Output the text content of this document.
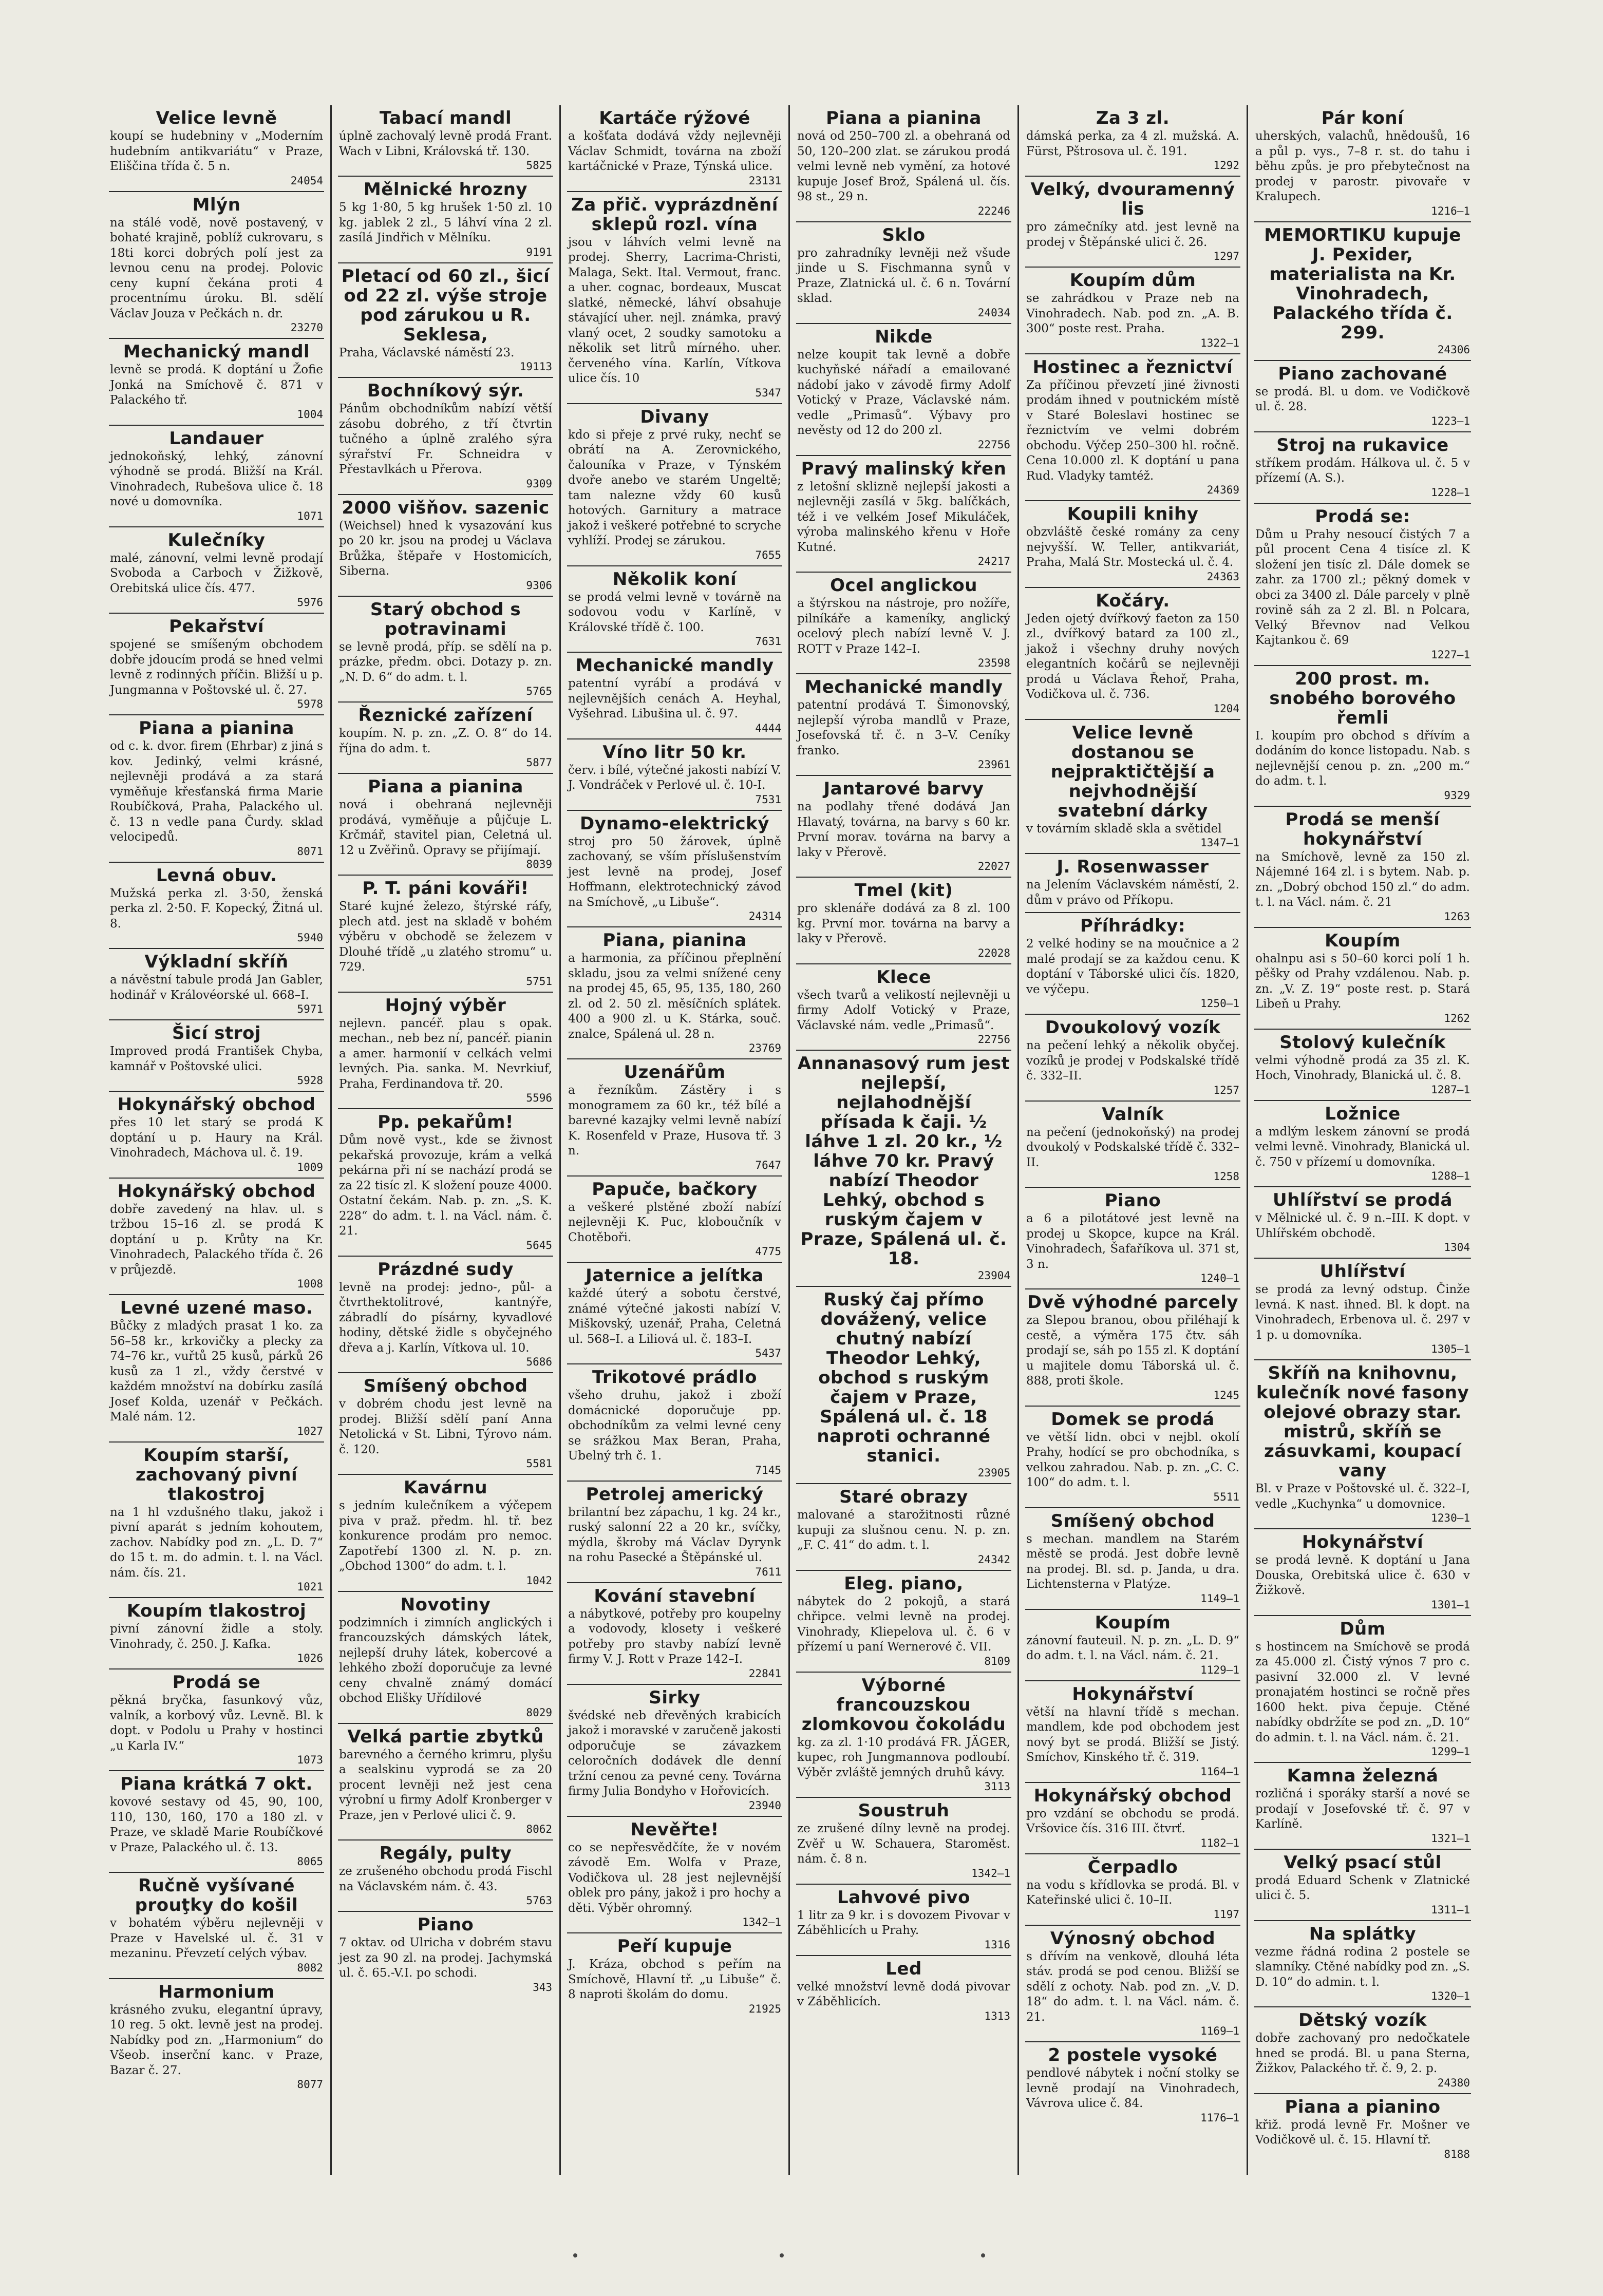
Velice levně

koupí se hudebniny v „Moderním hudebním antikvariátu“ v Praze, Eliščina třída č. 5 n.

24054

Mlýn

na stálé vodě, nově postavený, v bohaté krajině, poblíž cukrovaru, s 18ti korci dobrých polí jest za levnou cenu na prodej. Polovic ceny kupní čekána proti 4 procentnímu úroku. Bl. sdělí Václav Jouza v Pečkách n. dr.

23270

Mechanický mandl

levně se prodá. K doptání u Žofie Jonká na Smíchově č. 871 v Palackého tř.

1004

Landauer

jednokoňský, lehký, zánovní výhodně se prodá. Bližší na Král. Vinohradech, Rubešova ulice č. 18 nové u domovníka.

1071

Kulečníky

malé, zánovní, velmi levně prodají Svoboda a Carboch v Žižkově, Orebitská ulice čís. 477.

5976

Pekařství

spojené se smíšeným obchodem dobře jdoucím prodá se hned velmi levně z rodinných příčin. Bližší u p. Jungmanna v Poštovské ul. č. 27.

5978

Piana a pianina

od c. k. dvor. firem (Ehrbar) z jiná s kov. Jedinký, velmi krásné, nejlevněji prodává a za stará vyměňuje křesťanská firma Marie Roubíčková, Praha, Palackého ul. č. 13 n vedle pana Čurdy. sklad velocipedů.

8071

Levná obuv.

Mužská perka zl. 3·50, ženská perka zl. 2·50. F. Kopecký, Žitná ul. 8.

5940

Výkladní skříň

a návěstní tabule prodá Jan Gabler, hodinář v Královéorské ul. 668–I.

5971

Šicí stroj

Improved prodá František Chyba, kamnář v Poštovské ulici.

5928

Hokynářský obchod

přes 10 let starý se prodá K doptání u p. Haury na Král. Vinohradech, Máchova ul. č. 19.

1009

Hokynářský obchod

dobře zavedený na hlav. ul. s tržbou 15–16 zl. se prodá K doptání u p. Krůty na Kr. Vinohradech, Palackého třída č. 26 v průjezdě.

1008

Levné uzené maso.

Bůčky z mladých prasat 1 ko. za 56–58 kr., krkovičky a plecky za 74–76 kr., vuřtů 25 kusů, párků 26 kusů za 1 zl., vždy čerstvé v každém množství na dobírku zasílá Josef Kolda, uzenář v Pečkách. Malé nám. 12.

1027

Koupím starší, zachovaný pivní tlakostroj

na 1 hl vzdušného tlaku, jakož i pivní aparát s jedním kohoutem, zachov. Nabídky pod zn. „L. D. 7“ do 15 t. m. do admin. t. l. na Václ. nám. čís. 21.

1021

Koupím tlakostroj

pivní zánovní židle a stoly. Vinohrady, č. 250. J. Kafka.

1026

Prodá se

pěkná bryčka, fasunkový vůz, valník, a korbový vůz. Levně. Bl. k dopt. v Podolu u Prahy v hostinci „u Karla IV.“

1073

Piana krátká 7 okt.

kovové sestavy od 45, 90, 100, 110, 130, 160, 170 a 180 zl. v Praze, ve skladě Marie Roubíčkové v Praze, Palackého ul. č. 13.

8065

Ručně vyšívané prouţky do košil

v bohatém výběru nejlevněji v Praze v Havelské ul. č. 31 v mezaninu. Převzetí celých výbav.

8082

Harmonium

krásného zvuku, elegantní úpravy, 10 reg. 5 okt. levně jest na prodej. Nabídky pod zn. „Harmonium“ do Všeob. inserční kanc. v Praze, Bazar č. 27.

8077

Tabací mandl

úplně zachovalý levně prodá Frant. Wach v Libni, Královská tř. 130.

5825

Mělnické hrozny

5 kg 1·80, 5 kg hrušek 1·50 zl. 10 kg. jablek 2 zl., 5 láhví vína 2 zl. zasílá Jindřich v Mělníku.

9191

Pletací od 60 zl., šicí od 22 zl. výše stroje pod zárukou u R. Seklesa,

Praha, Václavské náměstí 23.

19113

Bochníkový sýr.

Pánům obchodníkům nabízí větší zásobu dobrého, z tří čtvrtin tučného a úplně zralého sýra sýrařství Fr. Schneidra v Přestavlkách u Přerova.

9309

2000 višňov. sazenic

(Weichsel) hned k vysazování kus po 20 kr. jsou na prodej u Václava Brůžka, štěpaře v Hostomicích, Siberna.

9306

Starý obchod s potravinami

se levně prodá, příp. se sdělí na p. prázke, předm. obci. Dotazy p. zn. „N. D. 6“ do adm. t. l.

5765

Řeznické zařízení

koupím. N. p. zn. „Z. O. 8“ do 14. října do adm. t.

5877

Piana a pianina

nová i obehraná nejlevněji prodává, vyměňuje a půjčuje L. Krčmář, stavitel pian, Celetná ul. 12 u Zvěřinů. Opravy se přijímají.

8039

P. T. páni kováři!

Staré kujné železo, štýrské ráfy, plech atd. jest na skladě v bohém výběru v obchodě se železem v Dlouhé třídě „u zlatého stromu“ u. 729.

5751

Hojný výběr

nejlevn. pancéř. plau s opak. mechan., neb bez ní, pancéř. pianin a amer. harmonií v celkách velmi levných. Pia. sanka. M. Nevrkiuf, Praha, Ferdinandova tř. 20.

5596

Pp. pekařům!

Dům nově vyst., kde se živnost pekařská provozuje, krám a velká pekárna při ní se nachází prodá se za 22 tisíc zl. K složení pouze 4000. Ostatní čekám. Nab. p. zn. „S. K. 228“ do adm. t. l. na Václ. nám. č. 21.

5645

Prázdné sudy

levně na prodej: jedno-, půl- a čtvrthektolitrové, kantnýře, zábradlí do písárny, kyvadlové hodiny, dětské židle s obyčejného dřeva a j. Karlín, Vítkova ul. 10.

5686

Smíšený obchod

v dobrém chodu jest levně na prodej. Bližší sdělí paní Anna Netolická v St. Libni, Týrovo nám. č. 120.

5581

Kavárnu

s jedním kulečníkem a výčepem piva v praž. předm. hl. tř. bez konkurence prodám pro nemoc. Zapotřebí 1300 zl. N. p. zn. „Obchod 1300“ do adm. t. l.

1042

Novotiny

podzimních i zimních anglických i francouzských dámských látek, nejlepší druhy látek, kobercové a lehkého zboží doporučuje za levné ceny chvalně známý domácí obchod Elišky Uřídilové

8029

Velká partie zbytků

barevného a černého krimru, plyšu a sealskinu vyprodá se za 20 procent levněji než jest cena výrobní u firmy Adolf Kronberger v Praze, jen v Perlové ulici č. 9.

8062

Regály, pulty

ze zrušeného obchodu prodá Fischl na Václavském nám. č. 43.

5763

Piano

7 oktav. od Ulricha v dobrém stavu jest za 90 zl. na prodej. Jachymská ul. č. 65.-V.I. po schodi.

343

Kartáče rýžové

a košťata dodává vždy nejlevněji Václav Schmidt, továrna na zboží kartáčnické v Praze, Týnská ulice.

23131

Za přič. vyprázdnění sklepů rozl. vína

jsou v láhvích velmi levně na prodej. Sherry, Lacrima-Christi, Malaga, Sekt. Ital. Vermout, franc. a uher. cognac, bordeaux, Muscat slatké, německé, láhví obsahuje stávající uher. nejl. známka, pravý vlaný ocet, 2 soudky samotoku a několik set litrů mírného. uher. červeného vína. Karlín, Vítkova ulice čís. 10

5347

Divany

kdo si přeje z prvé ruky, nechť se obrátí na A. Zerovnického, čalouníka v Praze, v Týnském dvoře anebo ve starém Ungeltě; tam nalezne vždy 60 kusů hotových. Garnitury a matrace jakož i veškeré potřebné to scryche vyhlíží. Prodej se zárukou.

7655

Několik koní

se prodá velmi levně v továrně na sodovou vodu v Karlíně, v Královské třídě č. 100.

7631

Mechanické mandly

patentní vyrábí a prodává v nejlevnějších cenách A. Heyhal, Vyšehrad. Libušina ul. č. 97.

4444

Víno litr 50 kr.

červ. i bílé, výtečné jakosti nabízí V. J. Vondráček v Perlové ul. č. 10-I.

7531

Dynamo-elektrický

stroj pro 50 žárovek, úplně zachovaný, se vším příslušenstvím jest levně na prodej, Josef Hoffmann, elektrotechnický závod na Smíchově, „u Libuše“.

24314

Piana, pianina

a harmonia, za příčinou přeplnění skladu, jsou za velmi snížené ceny na prodej 45, 65, 95, 135, 180, 260 zl. od 2. 50 zl. měsíčních splátek. 400 a 900 zl. u K. Stárka, souč. znalce, Spálená ul. 28 n.

23769

Uzenářům

a řezníkům. Zástěry i s monogramem za 60 kr., též bílé a barevné kazajky velmi levně nabízí K. Rosenfeld v Praze, Husova tř. 3 n.

7647

Papuče, bačkory

a veškeré plstěné zboží nabízí nejlevněji K. Puc, kloboučník v Chotěboři.

4775

Jaternice a jelítka

každé úterý a sobotu čerstvé, známé výtečné jakosti nabízí V. Miškovský, uzenář, Praha, Celetná ul. 568–I. a Liliová ul. č. 183–I.

5437

Trikotové prádlo

všeho druhu, jakož i zboží domácnické doporučuje pp. obchodníkům za velmi levné ceny se srážkou Max Beran, Praha, Ubelný trh č. 1.

7145

Petrolej americký

brilantní bez zápachu, 1 kg. 24 kr., ruský salonní 22 a 20 kr., svíčky, mýdla, škroby má Václav Dyrynk na rohu Pasecké a Štěpánské ul.

7611

Kování stavební

a nábytkové, potřeby pro koupelny a vodovody, klosety i veškeré potřeby pro stavby nabízí levně firmy V. J. Rott v Praze 142–I.

22841

Sirky

švédské neb dřevěných krabicích jakož i moravské v zaručeně jakosti odporučuje se závazkem celoročních dodávek dle denní tržní cenou za pevné ceny. Továrna firmy Julia Bondyho v Hořovicích.

23940

Nevěřte!

co se nepřesvědčíte, že v novém závodě Em. Wolfa v Praze, Vodičkova ul. 28 jest nejlevnější oblek pro pány, jakož i pro hochy a děti. Výběr ohromný.

1342–1

Peří kupuje

J. Kráza, obchod s peřím na Smíchově, Hlavní tř. „u Libuše“ č. 8 naproti školám do domu.

21925

Piana a pianina

nová od 250–700 zl. a obehraná od 50, 120–200 zlat. se zárukou prodá velmi levně neb vymění, za hotové kupuje Josef Brož, Spálená ul. čís. 98 st., 29 n.

22246

Sklo

pro zahradníky levněji než všude jinde u S. Fischmanna synů v Praze, Zlatnická ul. č. 6 n. Tovární sklad.

24034

Nikde

nelze koupit tak levně a dobře kuchyňské nářadí a emailované nádobí jako v závodě firmy Adolf Votický v Praze, Václavské nám. vedle „Primasů“. Výbavy pro nevěsty od 12 do 200 zl.

22756

Pravý malinský křen

z letošní sklizně nejlepší jakosti a nejlevněji zasílá v 5kg. balíčkách, též i ve velkém Josef Mikuláček, výroba malinského křenu v Hoře Kutné.

24217

Ocel anglickou

a štýrskou na nástroje, pro nožíře, pilníkáře a kameníky, anglický ocelový plech nabízí levně V. J. ROTT v Praze 142–I.

23598

Mechanické mandly

patentní prodává T. Šimonovský, nejlepší výroba mandlů v Praze, Josefovská tř. č. n 3–V. Ceníky franko.

23961

Jantarové barvy

na podlahy třené dodává Jan Hlavatý, továrna, na barvy s 60 kr. První morav. továrna na barvy a laky v Přerově.

22027

Tmel (kit)

pro sklenáře dodává za 8 zl. 100 kg. První mor. továrna na barvy a laky v Přerově.

22028

Klece

všech tvarů a velikostí nejlevněji u firmy Adolf Votický v Praze, Václavské nám. vedle „Primasů“.

22756

Annanasový rum jest nejlepší, nejlahodnější přísada k čaji. ½ láhve 1 zl. 20 kr., ½ láhve 70 kr. Pravý nabízí Theodor Lehký, obchod s ruským čajem v Praze, Spálená ul. č. 18.

23904

Ruský čaj přímo dovážený, velice chutný nabízí Theodor Lehký, obchod s ruským čajem v Praze, Spálená ul. č. 18 naproti ochranné stanici.

23905

Staré obrazy

malované a starožitnosti různé kupuji za slušnou cenu. N. p. zn. „F. C. 41“ do adm. t. l.

24342

Eleg. piano,

nábytek do 2 pokojů, a stará chřipce. velmi levně na prodej. Vinohrady, Kliepelova ul. č. 6 v přízemí u paní Wernerové č. VII.

8109

Výborné francouzskou zlomkovou čokoládu

kg. za zl. 1·10 prodává FR. JÄGER, kupec, roh Jungmannova podloubí. Výběr zvláště jemných druhů kávy.

3113

Soustruh

ze zrušené dílny levně na prodej. Zvěř u W. Schauera, Staroměst. nám. č. 8 n.

1342–1

Lahvové pivo

1 litr za 9 kr. i s dovozem Pivovar v Záběhlicích u Prahy.

1316

Led

velké množství levně dodá pivovar v Záběhlicích.

1313

Za 3 zl.

dámská perka, za 4 zl. mužská. A. Fürst, Pštrosova ul. č. 191.

1292

Velký, dvouramenný lis

pro zámečníky atd. jest levně na prodej v Štěpánské ulici č. 26.

1297

Koupím dům

se zahrádkou v Praze neb na Vinohradech. Nab. pod zn. „A. B. 300“ poste rest. Praha.

1322–1

Hostinec a řeznictví

Za příčinou převzetí jiné živnosti prodám ihned v poutnickém místě v Staré Boleslavi hostinec se řeznictvím ve velmi dobrém obchodu. Výčep 250–300 hl. ročně. Cena 10.000 zl. K doptání u pana Rud. Vladyky tamtéž.

24369

Koupili knihy

obzvláště české romány za ceny nejvyšší. W. Teller, antikvariát, Praha, Malá Str. Mostecká ul. č. 4.

24363

Kočáry.

Jeden ojetý dvířkový faeton za 150 zl., dvířkový batard za 100 zl., jakož i všechny druhy nových elegantních kočárů se nejlevněji prodá u Václava Řehoř, Praha, Vodičkova ul. č. 736.

1204

Velice levně dostanou se nejpraktičtější a nejvhodnější svatební dárky

v továrním skladě skla a světidel

1347–1

J. Rosenwasser

na Jelením Václavském náměstí, 2. dům v právo od Příkopu.

Příhrádky:

2 velké hodiny se na moučnice a 2 malé prodají se za každou cenu. K doptání v Táborské ulici čís. 1820, ve výčepu.

1250–1

Dvoukolový vozík

na pečení lehký a několik obyčej. vozíků je prodej v Podskalské třídě č. 332–II.

1257

Valník

na pečení (jednokoňský) na prodej dvoukolý v Podskalské třídě č. 332–II.

1258

Piano

a 6 a pilotátové jest levně na prodej u Skopce, kupce na Král. Vinohradech, Šafaříkova ul. 371 st, 3 n.

1240–1

Dvě výhodné parcely

za Slepou branou, obou přiléhají k cestě, a výměra 175 čtv. sáh prodají se, sáh po 155 zl. K doptání u majitele domu Táborská ul. č. 888, proti škole.

1245

Domek se prodá

ve větší lidn. obci v nejbl. okolí Prahy, hodící se pro obchodníka, s velkou zahradou. Nab. p. zn. „C. C. 100“ do adm. t. l.

5511

Smíšený obchod

s mechan. mandlem na Starém městě se prodá. Jest dobře levně na prodej. Bl. sd. p. Janda, u dra. Lichtensterna v Platýze.

1149–1

Koupím

zánovní fauteuil. N. p. zn. „L. D. 9“ do adm. t. l. na Václ. nám. č. 21.

1129–1

Hokynářství

větší na hlavní třídě s mechan. mandlem, kde pod obchodem jest nový byt se prodá. Bližší se Jistý. Smíchov, Kinského tř. č. 319.

1164–1

Hokynářský obchod

pro vzdání se obchodu se prodá. Vršovice čís. 316 III. čtvrť.

1182–1

Čerpadlo

na vodu s křídlovka se prodá. Bl. v Kateřinské ulici č. 10–II.

1197

Výnosný obchod

s dřívím na venkově, dlouhá léta stáv. prodá se pod cenou. Bližší se sdělí z ochoty. Nab. pod zn. „V. D. 18“ do adm. t. l. na Václ. nám. č. 21.

1169–1

2 postele vysoké

pendlové nábytek i noční stolky se levně prodají na Vinohradech, Vávrova ulice č. 84.

1176–1

Pár koní

uherských, valachů, hnědoušů, 16 a půl p. vys., 7–8 r. st. do tahu i běhu způs. je pro přebytečnost na prodej v parostr. pivovaře v Kralupech.

1216–1

MEMORTIKU kupuje J. Pexider, materialista na Kr. Vinohradech, Palackého třída č. 299.

24306

Piano zachované

se prodá. Bl. u dom. ve Vodičkově ul. č. 28.

1223–1

Stroj na rukavice

stříkem prodám. Hálkova ul. č. 5 v přízemí (A. S.).

1228–1

Prodá se:

Dům u Prahy nesoucí čistých 7 a půl procent Cena 4 tisíce zl. K složení jen tisíc zl. Dále domek se zahr. za 1700 zl.; pěkný domek v obci za 3400 zl. Dále parcely v plně rovině sáh za 2 zl. Bl. n Polcara, Velký Břevnov nad Velkou Kajtankou č. 69

1227–1

200 prost. m. snobého borového řemli

I. koupím pro obchod s dřívím a dodáním do konce listopadu. Nab. s nejlevnější cenou p. zn. „200 m.“ do adm. t. l.

9329

Prodá se menší hokynářství

na Smíchově, levně za 150 zl. Nájemné 164 zl. i s bytem. Nab. p. zn. „Dobrý obchod 150 zl.“ do adm. t. l. na Václ. nám. č. 21

1263

Koupím

ohalnpu asi s 50–60 korci polí 1 h. pěšky od Prahy vzdálenou. Nab. p. zn. „V. Z. 19“ poste rest. p. Stará Libeň u Prahy.

1262

Stolový kulečník

velmi výhodně prodá za 35 zl. K. Hoch, Vinohrady, Blanická ul. č. 8.

1287–1

Ložnice

a mdlým leskem zánovní se prodá velmi levně. Vinohrady, Blanická ul. č. 750 v přízemí u domovníka.

1288–1

Uhlířství se prodá

v Mělnické ul. č. 9 n.–III. K dopt. v Uhlířském obchodě.

1304

Uhlířství

se prodá za levný odstup. Činže levná. K nast. ihned. Bl. k dopt. na Vinohradech, Erbenova ul. č. 297 v 1 p. u domovníka.

1305–1

Skříň na knihovnu, kulečník nové fasony olejové obrazy star. mistrů, skříň se zásuvkami, koupací vany

Bl. v Praze v Poštovské ul. č. 322–I, vedle „Kuchynka“ u domovnice.

1230–1

Hokynářství

se prodá levně. K doptání u Jana Douska, Orebitská ulice č. 630 v Žižkově.

1301–1

Dům

s hostincem na Smíchově se prodá za 45.000 zl. Čistý výnos 7 pro c. pasivní 32.000 zl. V levné pronajatém hostinci se ročně přes 1600 hekt. piva čepuje. Ctěné nabídky obdržíte se pod zn. „D. 10“ do admin. t. l. na Václ. nám. č. 21.

1299–1

Kamna železná

rozličná i sporáky starší a nové se prodají v Josefovské tř. č. 97 v Karlíně.

1321–1

Velký psací stůl

prodá Eduard Schenk v Zlatnické ulici č. 5.

1311–1

Na splátky

vezme řádná rodina 2 postele se slamníky. Ctěné nabídky pod zn. „S. D. 10“ do admin. t. l.

1320–1

Dětský vozík

dobře zachovaný pro nedočkatele hned se prodá. Bl. u pana Sterna, Žižkov, Palackého tř. č. 9, 2. p.

24380

Piana a pianino

křiž. prodá levně Fr. Mošner ve Vodičkově ul. č. 15. Hlavní tř.

8188
